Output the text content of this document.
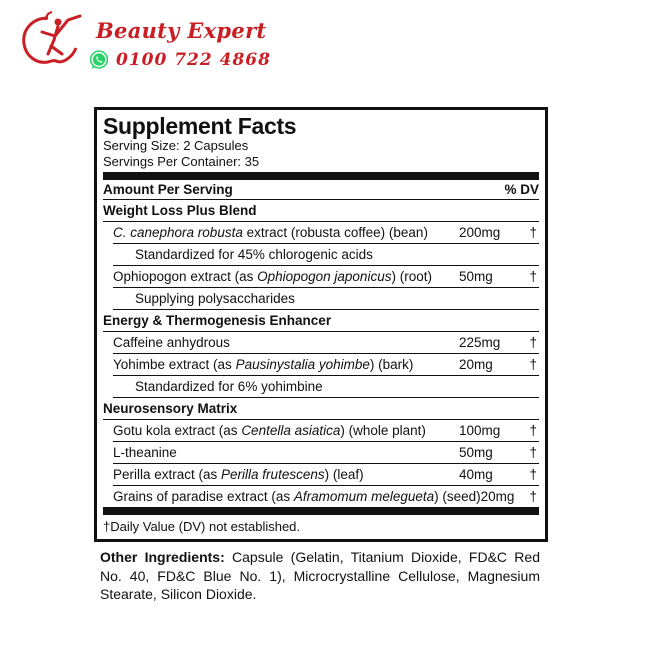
Beauty Expert
0100 722 4868
Supplement Facts
Serving Size: 2 Capsules
Servings Per Container: 35
Amount Per Serving	% DV
Weight Loss Plus Blend
C. canephora robusta extract (robusta coffee) (bean)	200mg	†
Standardized for 45% chlorogenic acids
Ophiopogon extract (as Ophiopogon japonicus) (root)	50mg	†
Supplying polysaccharides
Energy & Thermogenesis Enhancer
Caffeine anhydrous	225mg	†
Yohimbe extract (as Pausinystalia yohimbe) (bark)	20mg	†
Standardized for 6% yohimbine
Neurosensory Matrix
Gotu kola extract (as Centella asiatica) (whole plant)	100mg	†
L-theanine	50mg	†
Perilla extract (as Perilla frutescens) (leaf)	40mg	†
Grains of paradise extract (as Aframomum melegueta) (seed) 20mg	†
†Daily Value (DV) not established.
Other Ingredients: Capsule (Gelatin, Titanium Dioxide, FD&C Red No. 40, FD&C Blue No. 1), Microcrystalline Cellulose, Magnesium Stearate, Silicon Dioxide.
